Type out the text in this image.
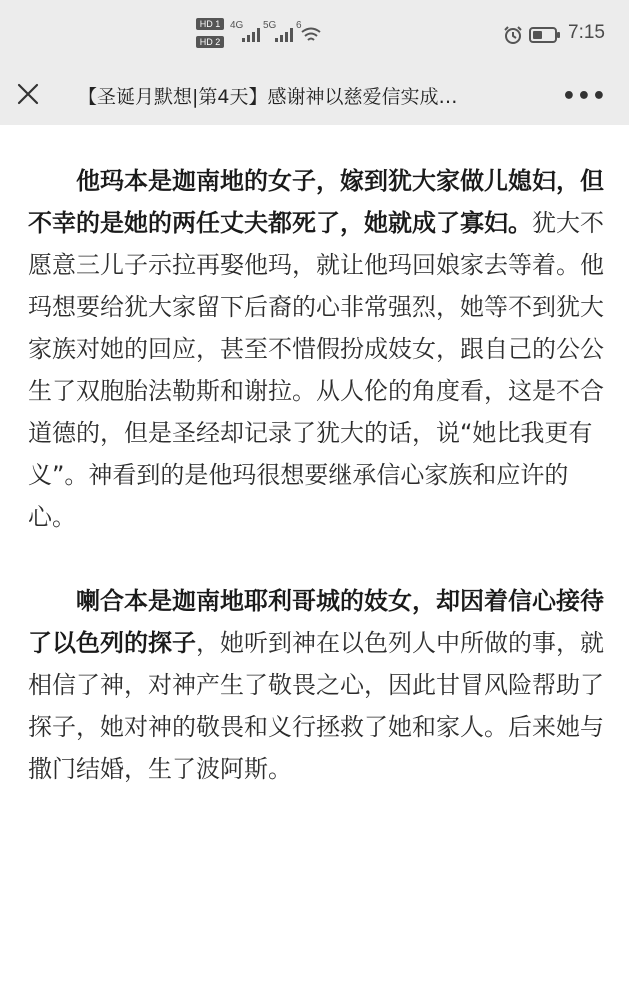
HD 1
HD 2
4G 5G 6	7:15
【圣诞月默想|第4天】感谢神以慈爱信实成…	•••

他玛本是迦南地的女子，嫁到犹大家做儿媳妇，但不幸的是她的两任丈夫都死了，她就成了寡妇。犹大不愿意三儿子示拉再娶他玛，就让他玛回娘家去等着。他玛想要给犹大家留下后裔的心非常强烈，她等不到犹大家族对她的回应，甚至不惜假扮成妓女，跟自己的公公生了双胞胎法勒斯和谢拉。从人伦的角度看，这是不合道德的，但是圣经却记录了犹大的话，说“她比我更有义”。神看到的是他玛很想要继承信心家族和应许的心。

喇合本是迦南地耶利哥城的妓女，却因着信心接待了以色列的探子，她听到神在以色列人中所做的事，就相信了神，对神产生了敬畏之心，因此甘冒风险帮助了探子，她对神的敬畏和义行拯救了她和家人。后来她与撒门结婚，生了波阿斯。
